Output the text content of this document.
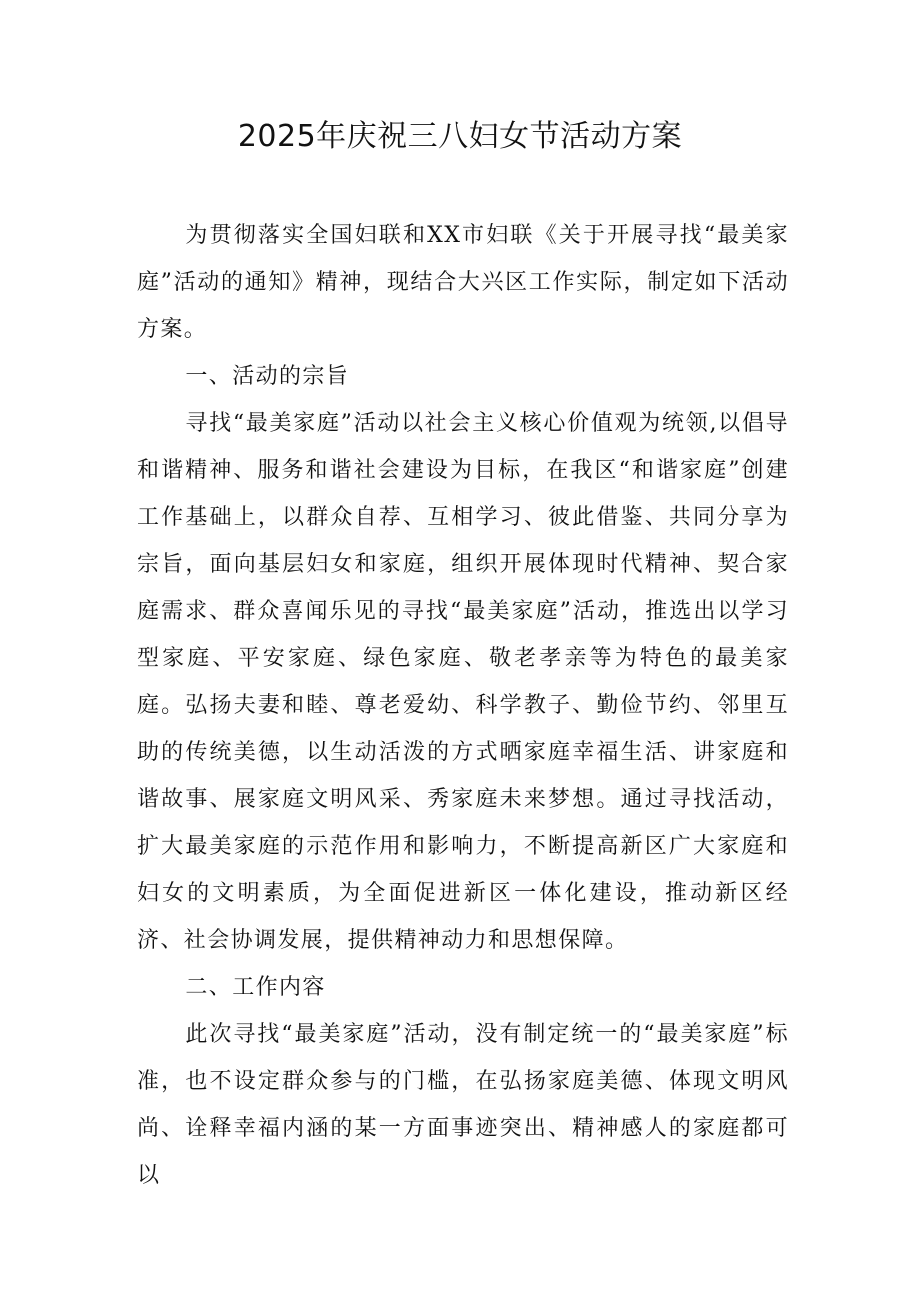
2025年庆祝三八妇女节活动方案

为贯彻落实全国妇联和XX市妇联《关于开展寻找“最美家庭”活动的通知》精神，现结合大兴区工作实际，制定如下活动方案。

一、活动的宗旨

寻找“最美家庭”活动以社会主义核心价值观为统领,以倡导和谐精神、服务和谐社会建设为目标，在我区“和谐家庭”创建工作基础上，以群众自荐、互相学习、彼此借鉴、共同分享为宗旨，面向基层妇女和家庭，组织开展体现时代精神、契合家庭需求、群众喜闻乐见的寻找“最美家庭”活动，推选出以学习型家庭、平安家庭、绿色家庭、敬老孝亲等为特色的最美家庭。弘扬夫妻和睦、尊老爱幼、科学教子、勤俭节约、邻里互助的传统美德，以生动活泼的方式晒家庭幸福生活、讲家庭和谐故事、展家庭文明风采、秀家庭未来梦想。通过寻找活动，扩大最美家庭的示范作用和影响力，不断提高新区广大家庭和妇女的文明素质，为全面促进新区一体化建设，推动新区经济、社会协调发展，提供精神动力和思想保障。

二、工作内容

此次寻找“最美家庭”活动，没有制定统一的“最美家庭”标准，也不设定群众参与的门槛，在弘扬家庭美德、体现文明风尚、诠释幸福内涵的某一方面事迹突出、精神感人的家庭都可以
